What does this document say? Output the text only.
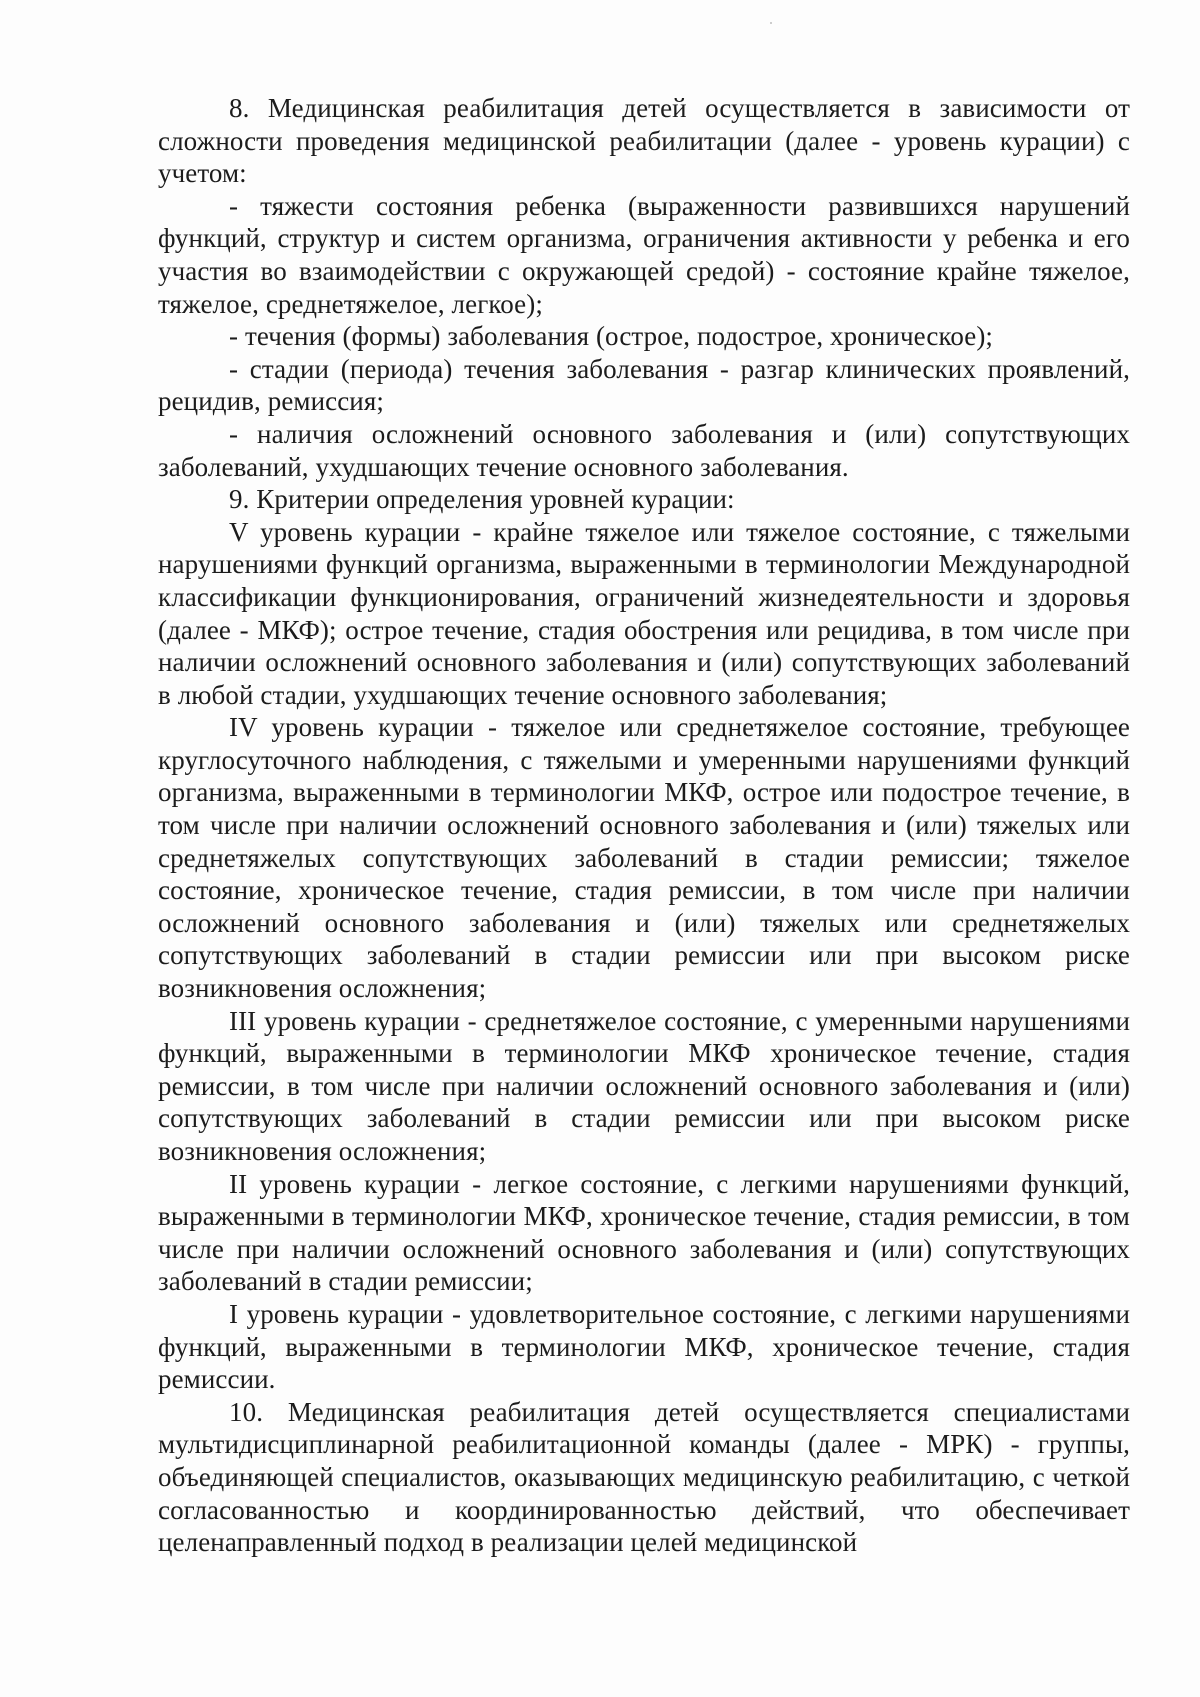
8. Медицинская реабилитация детей осуществляется в зависимости от сложности проведения медицинской реабилитации (далее - уровень курации) с учетом:

- тяжести состояния ребенка (выраженности развившихся нарушений функций, структур и систем организма, ограничения активности у ребенка и его участия во взаимодействии с окружающей средой) - состояние крайне тяжелое, тяжелое, среднетяжелое, легкое);

- течения (формы) заболевания (острое, подострое, хроническое);

- стадии (периода) течения заболевания - разгар клинических проявлений, рецидив, ремиссия;

- наличия осложнений основного заболевания и (или) сопутствующих заболеваний, ухудшающих течение основного заболевания.

9. Критерии определения уровней курации:

V уровень курации - крайне тяжелое или тяжелое состояние, с тяжелыми нарушениями функций организма, выраженными в терминологии Международной классификации функционирования, ограничений жизнедеятельности и здоровья (далее - МКФ); острое течение, стадия обострения или рецидива, в том числе при наличии осложнений основного заболевания и (или) сопутствующих заболеваний в любой стадии, ухудшающих течение основного заболевания;

IV уровень курации - тяжелое или среднетяжелое состояние, требующее круглосуточного наблюдения, с тяжелыми и умеренными нарушениями функций организма, выраженными в терминологии МКФ, острое или подострое течение, в том числе при наличии осложнений основного заболевания и (или) тяжелых или среднетяжелых сопутствующих заболеваний в стадии ремиссии; тяжелое состояние, хроническое течение, стадия ремиссии, в том числе при наличии осложнений основного заболевания и (или) тяжелых или среднетяжелых сопутствующих заболеваний в стадии ремиссии или при высоком риске возникновения осложнения;

III уровень курации - среднетяжелое состояние, с умеренными нарушениями функций, выраженными в терминологии МКФ хроническое течение, стадия ремиссии, в том числе при наличии осложнений основного заболевания и (или) сопутствующих заболеваний в стадии ремиссии или при высоком риске возникновения осложнения;

II уровень курации - легкое состояние, с легкими нарушениями функций, выраженными в терминологии МКФ, хроническое течение, стадия ремиссии, в том числе при наличии осложнений основного заболевания и (или) сопутствующих заболеваний в стадии ремиссии;

I уровень курации - удовлетворительное состояние, с легкими нарушениями функций, выраженными в терминологии МКФ, хроническое течение, стадия ремиссии.

10. Медицинская реабилитация детей осуществляется специалистами мультидисциплинарной реабилитационной команды (далее - МРК) - группы, объединяющей специалистов, оказывающих медицинскую реабилитацию, с четкой согласованностью и координированностью действий, что обеспечивает целенаправленный подход в реализации целей медицинской
